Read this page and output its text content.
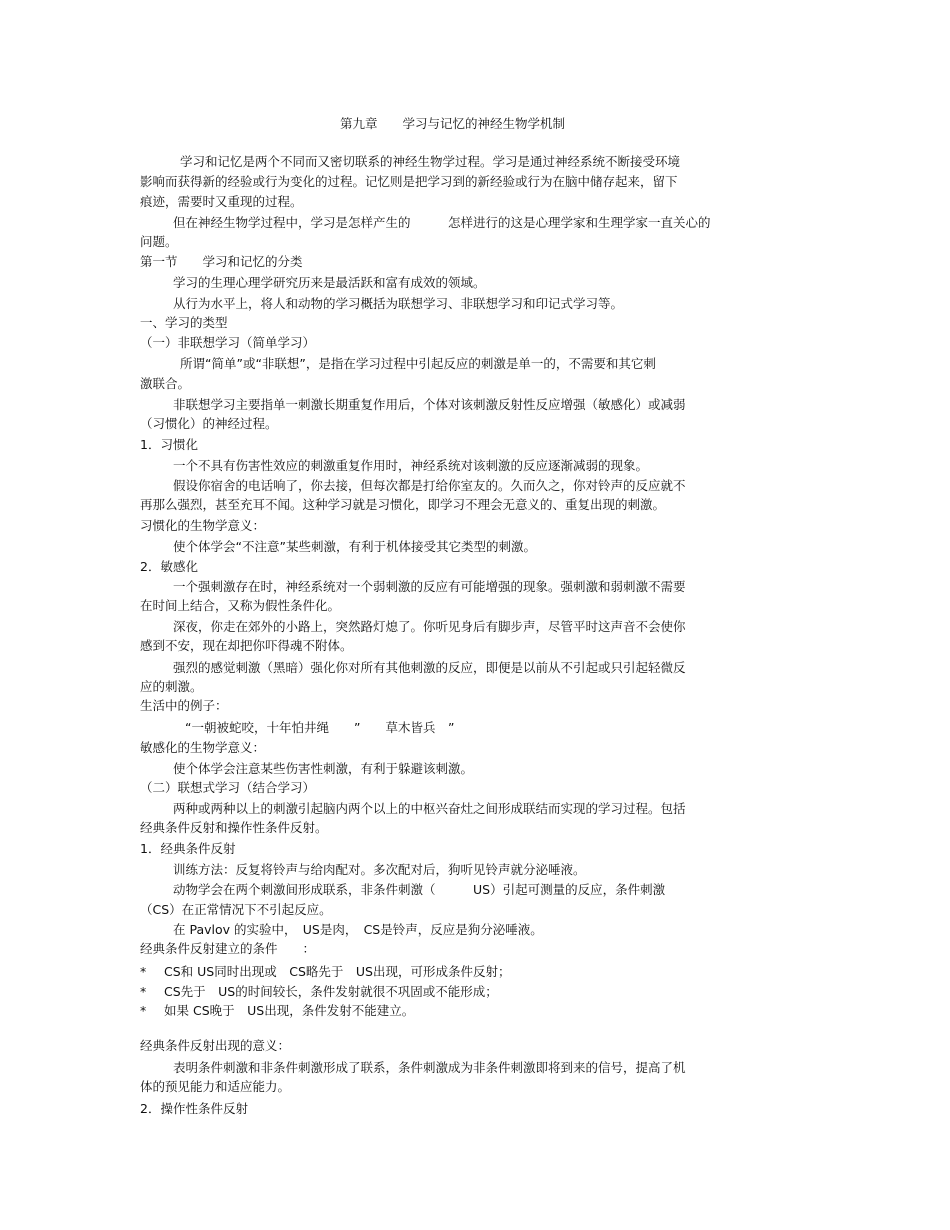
第九章　　学习与记忆的神经生物学机制
学习和记忆是两个不同而又密切联系的神经生物学过程。学习是通过神经系统不断接受环境
影响而获得新的经验或行为变化的过程。记忆则是把学习到的新经验或行为在脑中储存起来，留下
痕迹，需要时又重现的过程。
但在神经生物学过程中，学习是怎样产生的　　　怎样进行的这是心理学家和生理学家一直关心的
问题。
第一节　　学习和记忆的分类
学习的生理心理学研究历来是最活跃和富有成效的领域。
从行为水平上，将人和动物的学习概括为联想学习、非联想学习和印记式学习等。
一、学习的类型
（一）非联想学习（简单学习）
所谓“简单”或“非联想”，是指在学习过程中引起反应的刺激是单一的，不需要和其它刺
激联合。
非联想学习主要指单一刺激长期重复作用后，个体对该刺激反射性反应增强（敏感化）或减弱
（习惯化）的神经过程。
1．习惯化
一个不具有伤害性效应的刺激重复作用时，神经系统对该刺激的反应逐渐减弱的现象。
假设你宿舍的电话响了，你去接，但每次都是打给你室友的。久而久之，你对铃声的反应就不
再那么强烈，甚至充耳不闻。这种学习就是习惯化，即学习不理会无意义的、重复出现的刺激。
习惯化的生物学意义：
使个体学会“不注意”某些刺激，有利于机体接受其它类型的刺激。
2．敏感化
一个强刺激存在时，神经系统对一个弱刺激的反应有可能增强的现象。强刺激和弱刺激不需要
在时间上结合，又称为假性条件化。
深夜，你走在郊外的小路上，突然路灯熄了。你听见身后有脚步声，尽管平时这声音不会使你
感到不安，现在却把你吓得魂不附体。
强烈的感觉刺激（黑暗）强化你对所有其他刺激的反应，即便是以前从不引起或只引起轻微反
应的刺激。
生活中的例子：
“一朝被蛇咬，十年怕井绳　　”　　草木皆兵　”
敏感化的生物学意义：
使个体学会注意某些伤害性刺激，有利于躲避该刺激。
（二）联想式学习（结合学习）
两种或两种以上的刺激引起脑内两个以上的中枢兴奋灶之间形成联结而实现的学习过程。包括
经典条件反射和操作性条件反射。
1．经典条件反射
训练方法：反复将铃声与给肉配对。多次配对后，狗听见铃声就分泌唾液。
动物学会在两个刺激间形成联系，非条件刺激（　　　US）引起可测量的反应，条件刺激
（CS）在正常情况下不引起反应。
在 Pavlov 的实验中，　US是肉，　CS是铃声，反应是狗分泌唾液。
经典条件反射建立的条件　　：
* CS和 US同时出现或　CS略先于　US出现，可形成条件反射；
* CS先于　US的时间较长，条件发射就很不巩固或不能形成；
* 如果 CS晚于　US出现，条件发射不能建立。
经典条件反射出现的意义：
表明条件刺激和非条件刺激形成了联系，条件刺激成为非条件刺激即将到来的信号，提高了机
体的预见能力和适应能力。
2．操作性条件反射
